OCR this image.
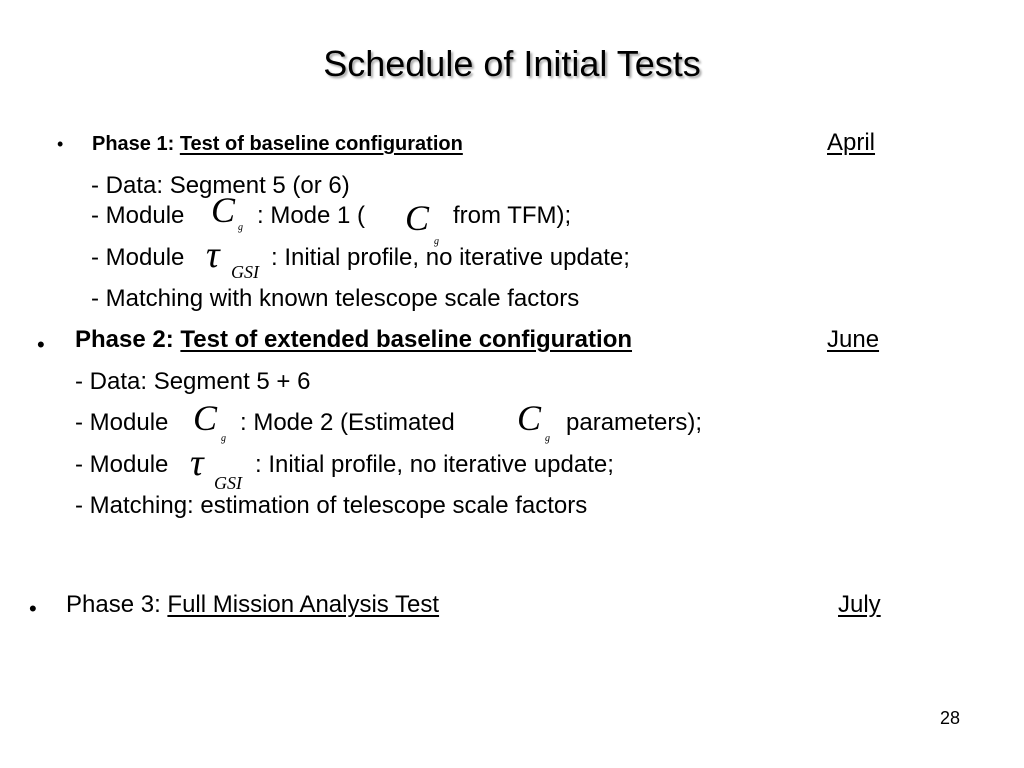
Schedule of Initial Tests
• Phase 1: Test of baseline configuration	April
- Data: Segment 5 (or 6)
- Module C g : Mode 1 ( C
g
from TFM);
- Module τ GSI
: Initial profile, no iterative update;
- Matching with known telescope scale factors
• Phase 2: Test of extended baseline configuration	June
- Data: Segment 5 + 6
- Module C
g
: Mode 2 (Estimated C
g
parameters);
- Module τ GSI
: Initial profile, no iterative update;
- Matching: estimation of telescope scale factors
• Phase 3: Full Mission Analysis Test	July
28
